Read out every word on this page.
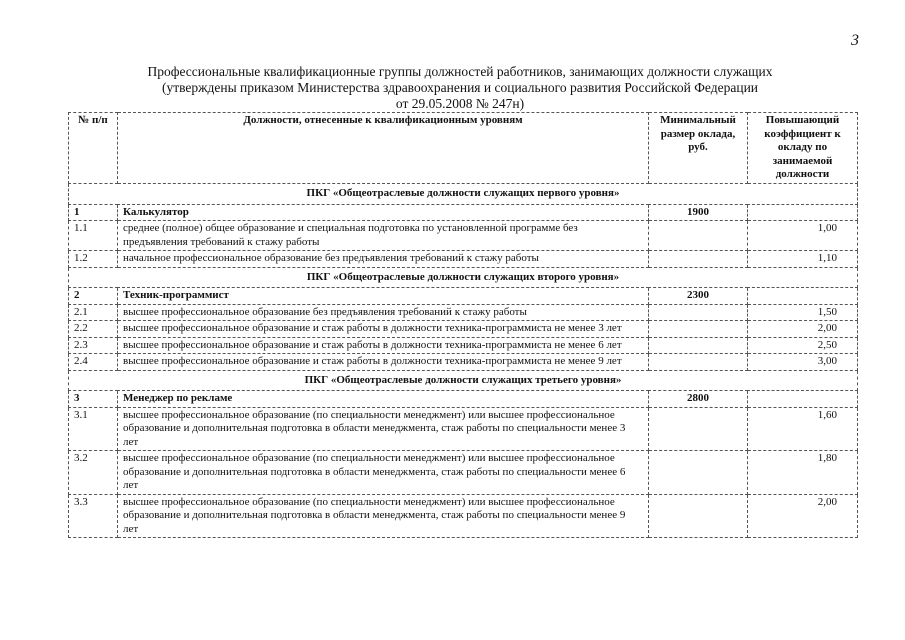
3
Профессиональные квалификационные группы должностей работников, занимающих должности служащих
(утверждены приказом Министерства здравоохранения и социального развития Российской Федерации
от 29.05.2008 № 247н)
№ п/п	Должности, отнесенные к квалификационным уровням	Минимальный размер оклада, руб.	Повышающий коэффициент к окладу по занимаемой должности
ПКГ «Общеотраслевые должности служащих первого уровня»			
1	Калькулятор	1900	
1.1	среднее (полное) общее образование и специальная подготовка по установленной программе без предъявления требований к стажу работы		1,00
1.2	начальное профессиональное образование без предъявления требований к стажу работы		1,10
ПКГ «Общеотраслевые должности служащих второго уровня»			
2	Техник-программист	2300	
2.1	высшее профессиональное образование без предъявления требований к стажу работы		1,50
2.2	высшее профессиональное образование и стаж работы в должности техника-программиста не менее 3 лет		2,00
2.3	высшее профессиональное образование и стаж работы в должности техника-программиста не менее 6 лет		2,50
2.4	высшее профессиональное образование и стаж работы в должности техника-программиста не менее 9 лет		3,00
ПКГ «Общеотраслевые должности служащих третьего уровня»			
3	Менеджер по рекламе	2800	
3.1	высшее профессиональное образование (по специальности менеджмент) или высшее профессиональное образование и дополнительная подготовка в области менеджмента, стаж работы по специальности менее 3 лет		1,60
3.2	высшее профессиональное образование (по специальности менеджмент) или высшее профессиональное образование и дополнительная подготовка в области менеджмента, стаж работы по специальности менее 6 лет		1,80
3.3	высшее профессиональное образование (по специальности менеджмент) или высшее профессиональное образование и дополнительная подготовка в области менеджмента, стаж работы по специальности менее 9 лет		2,00
